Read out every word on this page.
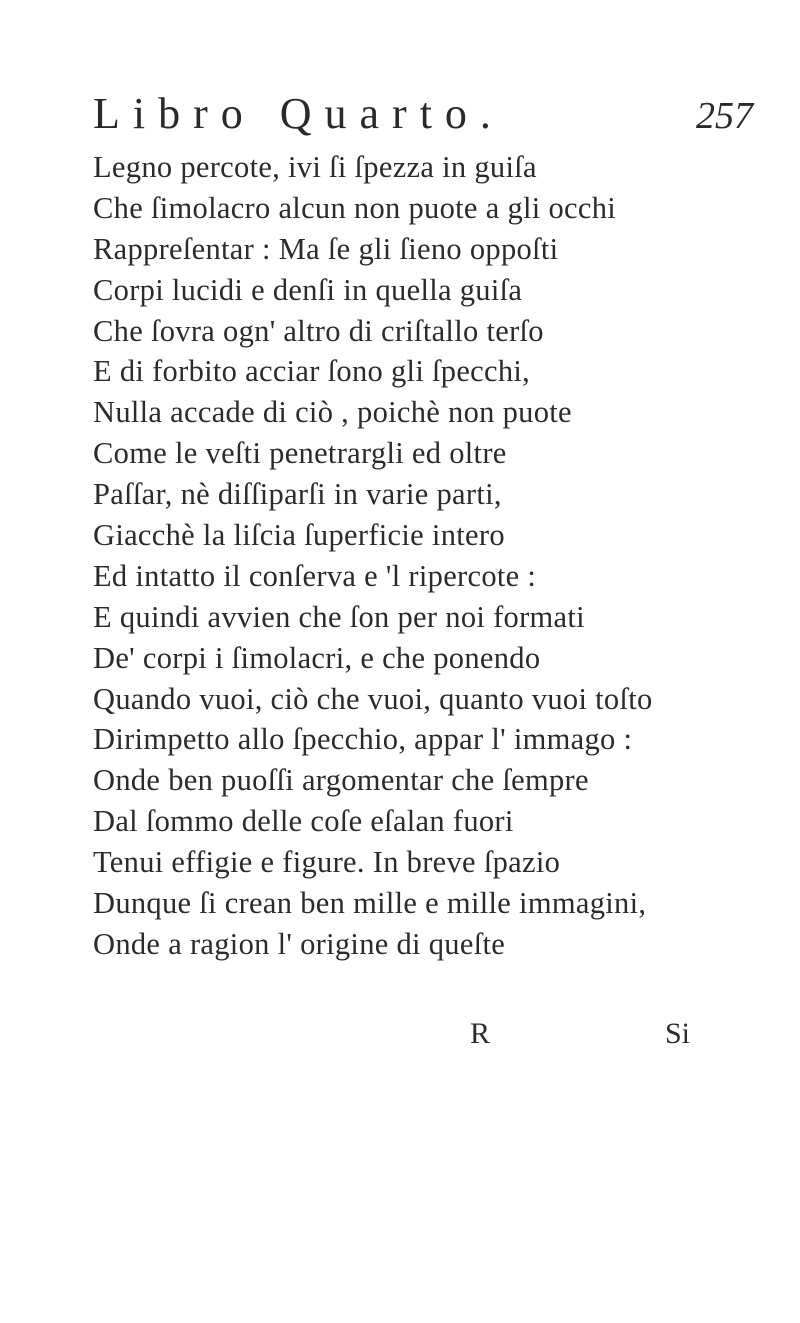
Libro Quarto.	257
Legno percote, ivi ſi ſpezza in guiſa
Che ſimolacro alcun non puote a gli occhi
Rappreſentar : Ma ſe gli ſieno oppoſti
Corpi lucidi e denſi in quella guiſa
Che ſovra ogn' altro di criſtallo terſo
E di forbito acciar ſono gli ſpecchi,
Nulla accade di ciò , poichè non puote
Come le veſti penetrargli ed oltre
Paſſar, nè diſſiparſi in varie parti,
Giacchè la liſcia ſuperficie intero
Ed intatto il conſerva e 'l ripercote :
E quindi avvien che ſon per noi formati
De' corpi i ſimolacri, e che ponendo
Quando vuoi, ciò che vuoi, quanto vuoi toſto
Dirimpetto allo ſpecchio, appar l' immago :
Onde ben puoſſi argomentar che ſempre
Dal ſommo delle coſe eſalan fuori
Tenui effigie e figure. In breve ſpazio
Dunque ſi crean ben mille e mille immagini,
Onde a ragion l' origine di queſte
R	Si
